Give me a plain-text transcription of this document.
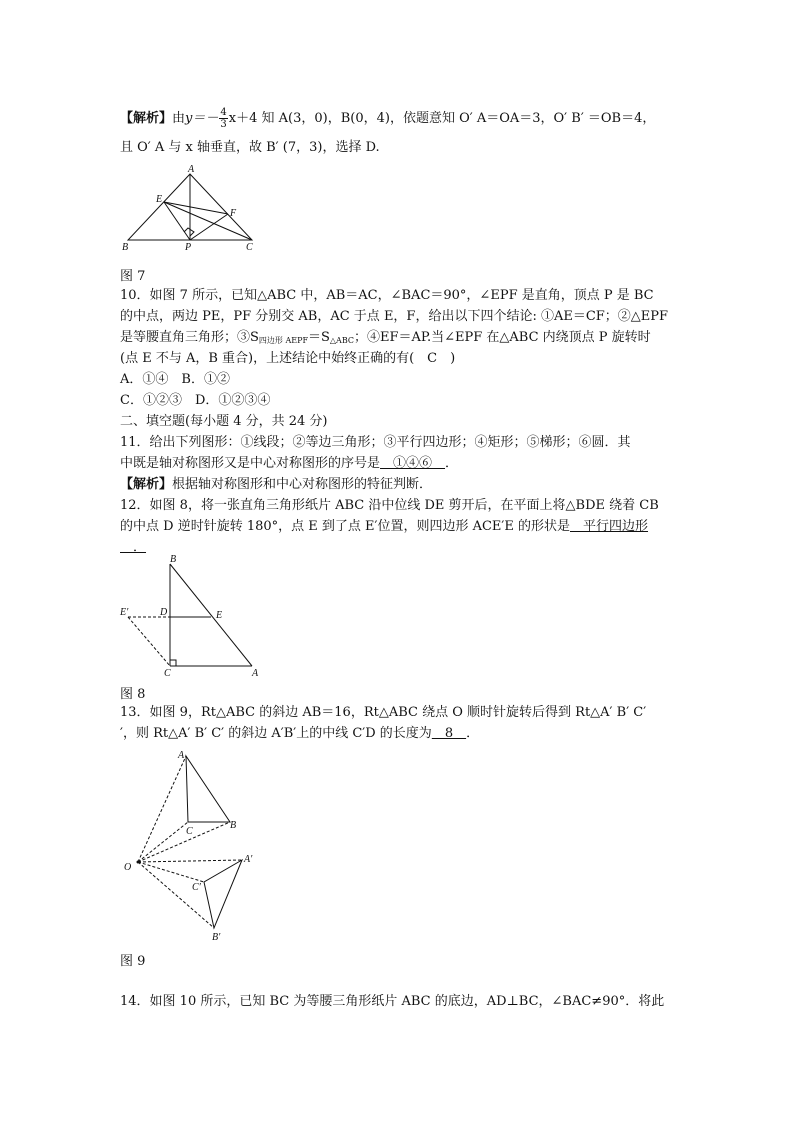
【解析】由$y=- \frac{4}{3} x+4$ 知 A(3，0)，B(0，4)，依题意知 O′ A＝OA＝3，O′ B′ ＝OB＝4，
且 O′ A 与 x 轴垂直，故 B′ (7，3)，选择 D.
A
E
F
B	P	C
图 7
10．如图 7 所示，已知△ABC 中，AB＝AC，∠BAC＝90°，∠EPF 是直角，顶点 P 是 BC
的中点，两边 PE，PF 分别交 AB，AC 于点 E，F，给出以下四个结论: ①AE＝CF；②△EPF
是等腰直角三角形；$③S_{四边形 AEPF}=S_{\triangle ABC}$；④EF＝AP.当∠EPF 在△ABC 内绕顶点 P 旋转时
(点 E 不与 A，B 重合)，上述结论中始终正确的有(　C　)
A．①④　B．①②
C．①②③　D．①②③④
二、填空题(每小题 4 分，共 24 分)
11．给出下列图形：①线段；②等边三角形；③平行四边形；④矩形；⑤梯形；⑥圆．其
中既是轴对称图形又是中心对称图形的序号是　①④⑥　．
【解析】根据轴对称图形和中心对称图形的特征判断．
12．如图 8，将一张直角三角形纸片 ABC 沿中位线 DE 剪开后，在平面上将△BDE 绕着 CB
的中点 D 逆时针旋转 180°，点 E 到了点 E′位置，则四边形 ACE′E 的形状是　平行四边形
　．
B
D	E
E′
C	A
图 8
13．如图 9，Rt△ABC 的斜边 AB＝16，Rt△ABC 绕点 O 顺时针旋转后得到 Rt△A′ B′ C′
′，则 Rt△A′ B′ C′ 的斜边 A′B′上的中线 C′D 的长度为　8　．
A
C
B
O
A′
C′
B′
图 9
14．如图 10 所示，已知 BC 为等腰三角形纸片 ABC 的底边，AD⊥BC，∠BAC≠90°．将此
